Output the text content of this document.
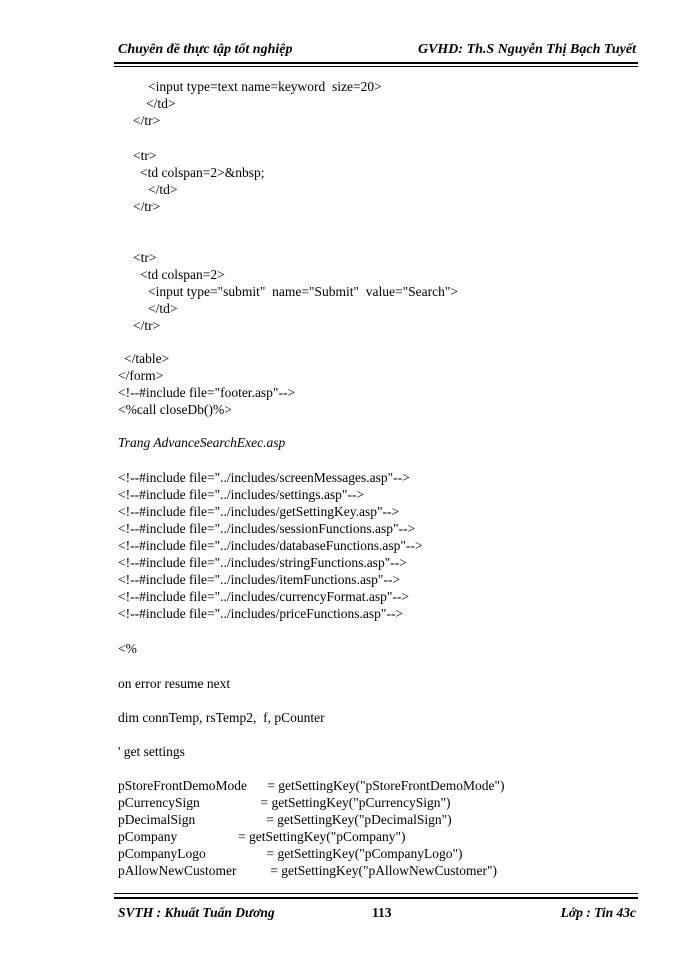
Chuyên đề thực tập tốt nghiệp	GVHD: Th.S Nguyễn Thị Bạch Tuyết
<input type=text name=keyword  size=20>
</td>
</tr>
<tr>
<td colspan=2>&nbsp;
</td>
</tr>
<tr>
<td colspan=2>
<input type="submit"  name="Submit"  value="Search">
</td>
</tr>
</table>
</form>
<!--#include file="footer.asp"-->
<%call closeDb()%>
Trang AdvanceSearchExec.asp
<!--#include file="../includes/screenMessages.asp"-->
<!--#include file="../includes/settings.asp"-->
<!--#include file="../includes/getSettingKey.asp"-->
<!--#include file="../includes/sessionFunctions.asp"-->
<!--#include file="../includes/databaseFunctions.asp"-->
<!--#include file="../includes/stringFunctions.asp"-->
<!--#include file="../includes/itemFunctions.asp"-->
<!--#include file="../includes/currencyFormat.asp"-->
<!--#include file="../includes/priceFunctions.asp"-->
<%
on error resume next
dim connTemp, rsTemp2,  f, pCounter
' get settings
pStoreFrontDemoMode      = getSettingKey("pStoreFrontDemoMode")
pCurrencySign                  = getSettingKey("pCurrencySign")
pDecimalSign                     = getSettingKey("pDecimalSign")
pCompany                  = getSettingKey("pCompany")
pCompanyLogo                  = getSettingKey("pCompanyLogo")
pAllowNewCustomer          = getSettingKey("pAllowNewCustomer")
SVTH : Khuất Tuấn Dương	113	Lớp : Tin 43c
